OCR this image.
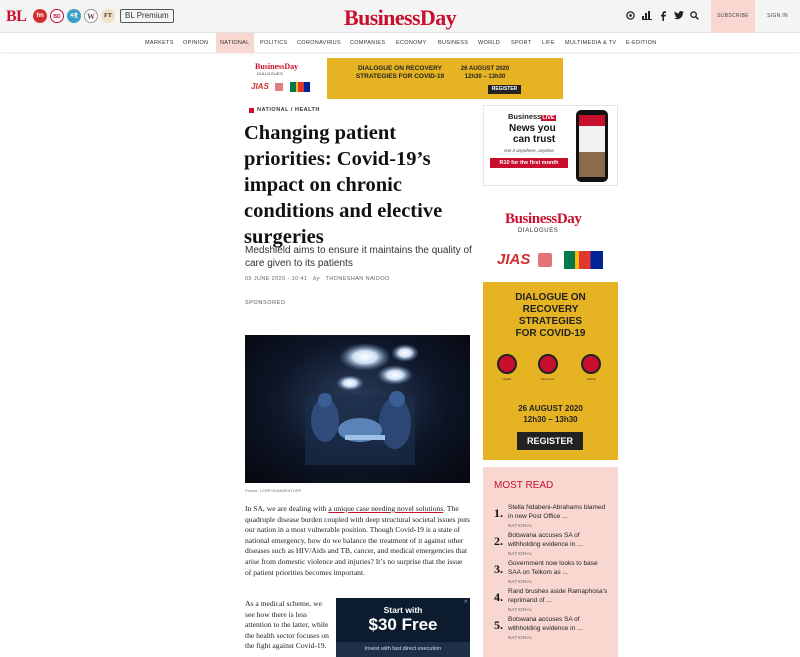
BL	fm	BD	ፍ፪	W	FT	BL Premium	BusinessDay	SUBSCRIBE	SIGN IN
MARKETS OPINION	NATIONAL	POLITICS CORONAVIRUS COMPANIES ECONOMY BUSINESS WORLD SPORT LIFE MULTIMEDIA & TV E-EDITION
BusinessDay
DIALOGUES
JIAS
DIALOGUE ON RECOVERY STRATEGIES FOR COVID-19
26 AUGUST 2020
12h30 – 13h30
REGISTER
NATIONAL / HEALTH
Changing patient priorities: Covid-19’s impact on chronic conditions and elective surgeries
Medshield aims to ensure it maintains the quality of care given to its patients
05 JUNE 2020 - 10:41 by THONESHAN NAIDOO
SPONSORED
Picture: 123RF/KAMMENTORP

In SA, we are dealing with a unique case needing novel solutions. The quadruple disease burden coupled with deep structural societal issues puts our nation in a most vulnerable position. Though Covid-19 is a state of national emergency, how do we balance the treatment of it against other diseases such as HIV/Aids and TB, cancer, and medical emergencies that arise from domestic violence and injuries? It’s no surprise that the issue of patient priorities becomes important.

As a medical scheme, we see how there is less attention to the latter, while the health sector focuses on the fight against Covid-19.

✕
Start with
$30 Free
Invest with fast direct execution
BusinessLIVE
News you
can trust
Get it anywhere, anytime
R10 for the first month
BusinessDay
DIALOGUES
JIAS
DIALOGUE ON
RECOVERY
STRATEGIES
FOR COVID-19
Health	Economic	Global
26 AUGUST 2020
12h30 – 13h30
REGISTER
MOST READ
1. Stella Ndabeni-Abrahams blamed in new Post Office ...
NATIONAL
2. Botswana accuses SA of withholding evidence in ...
NATIONAL
3. Government now looks to base SAA on Telkom as ...
NATIONAL
4. Rand brushes aside Ramaphosa’s reprimand of ...
NATIONAL
5. Botswana accuses SA of withholding evidence in ...
NATIONAL
